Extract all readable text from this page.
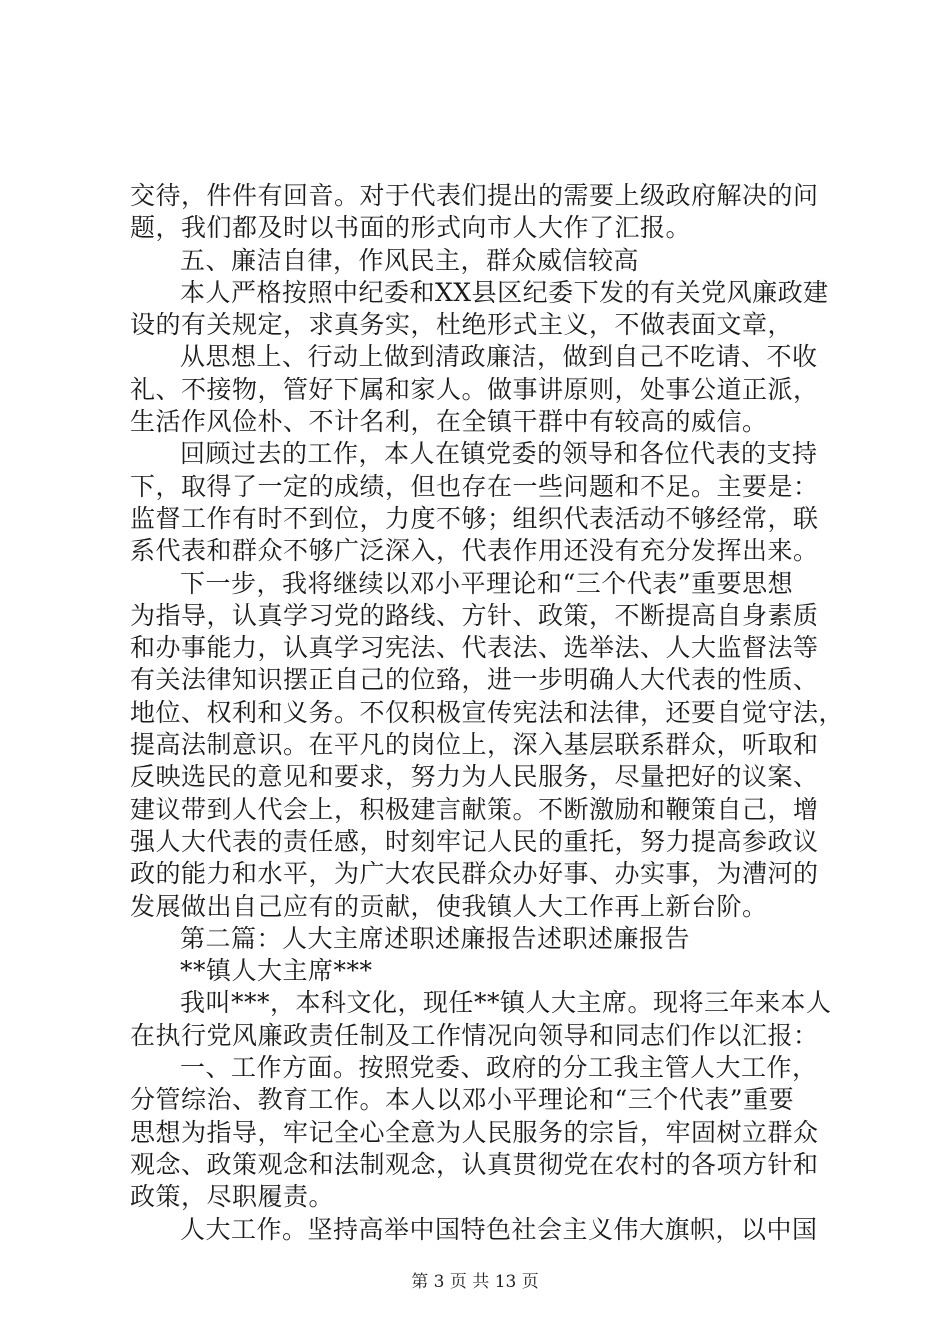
交待，件件有回音。对于代表们提出的需要上级政府解决的问
题，我们都及时以书面的形式向市人大作了汇报。
五、廉洁自律，作风民主，群众威信较高
本人严格按照中纪委和XX县区纪委下发的有关党风廉政建
设的有关规定，求真务实，杜绝形式主义，不做表面文章，
从思想上、行动上做到清政廉洁，做到自己不吃请、不收
礼、不接物，管好下属和家人。做事讲原则，处事公道正派，
生活作风俭朴、不计名利，在全镇干群中有较高的威信。
回顾过去的工作，本人在镇党委的领导和各位代表的支持
下，取得了一定的成绩，但也存在一些问题和不足。主要是：
监督工作有时不到位，力度不够；组织代表活动不够经常，联
系代表和群众不够广泛深入，代表作用还没有充分发挥出来。
下一步，我将继续以邓小平理论和“三个代表”重要思想
为指导，认真学习党的路线、方针、政策，不断提高自身素质
和办事能力，认真学习宪法、代表法、选举法、人大监督法等
有关法律知识摆正自己的位臵，进一步明确人大代表的性质、
地位、权利和义务。不仅积极宣传宪法和法律，还要自觉守法，
提高法制意识。在平凡的岗位上，深入基层联系群众，听取和
反映选民的意见和要求，努力为人民服务，尽量把好的议案、
建议带到人代会上，积极建言献策。不断激励和鞭策自己，增
强人大代表的责任感，时刻牢记人民的重托，努力提高参政议
政的能力和水平，为广大农民群众办好事、办实事，为漕河的
发展做出自己应有的贡献，使我镇人大工作再上新台阶。
第二篇：人大主席述职述廉报告述职述廉报告
**镇人大主席***
我叫***，本科文化，现任**镇人大主席。现将三年来本人
在执行党风廉政责任制及工作情况向领导和同志们作以汇报：
一、工作方面。按照党委、政府的分工我主管人大工作，
分管综治、教育工作。本人以邓小平理论和“三个代表”重要
思想为指导，牢记全心全意为人民服务的宗旨，牢固树立群众
观念、政策观念和法制观念，认真贯彻党在农村的各项方针和
政策，尽职履责。
人大工作。坚持高举中国特色社会主义伟大旗帜，以中国
第 3 页 共 13 页
